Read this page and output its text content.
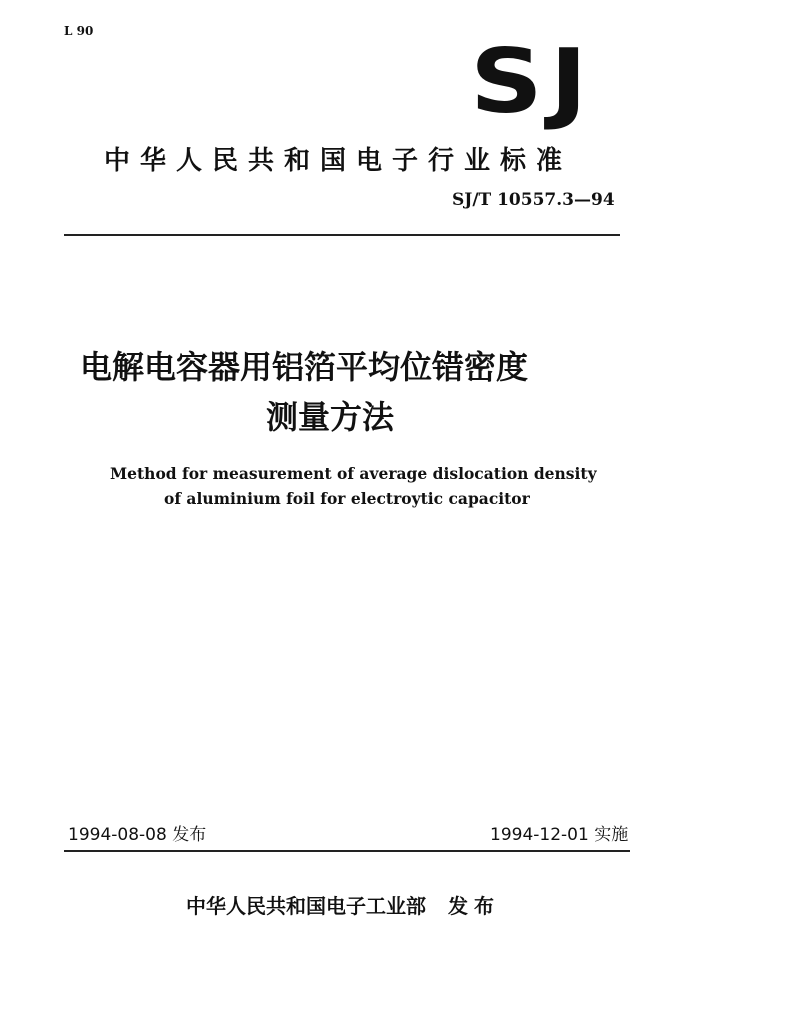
L 90	SJ
中华人民共和国电子行业标准
SJ/T 10557.3—94
电解电容器用铝箔平均位错密度
测量方法
Method for measurement of average dislocation density
of aluminium foil for electroytic capacitor
1994-08-08 发布	1994-12-01 实施
中华人民共和国电子工业部 发布
